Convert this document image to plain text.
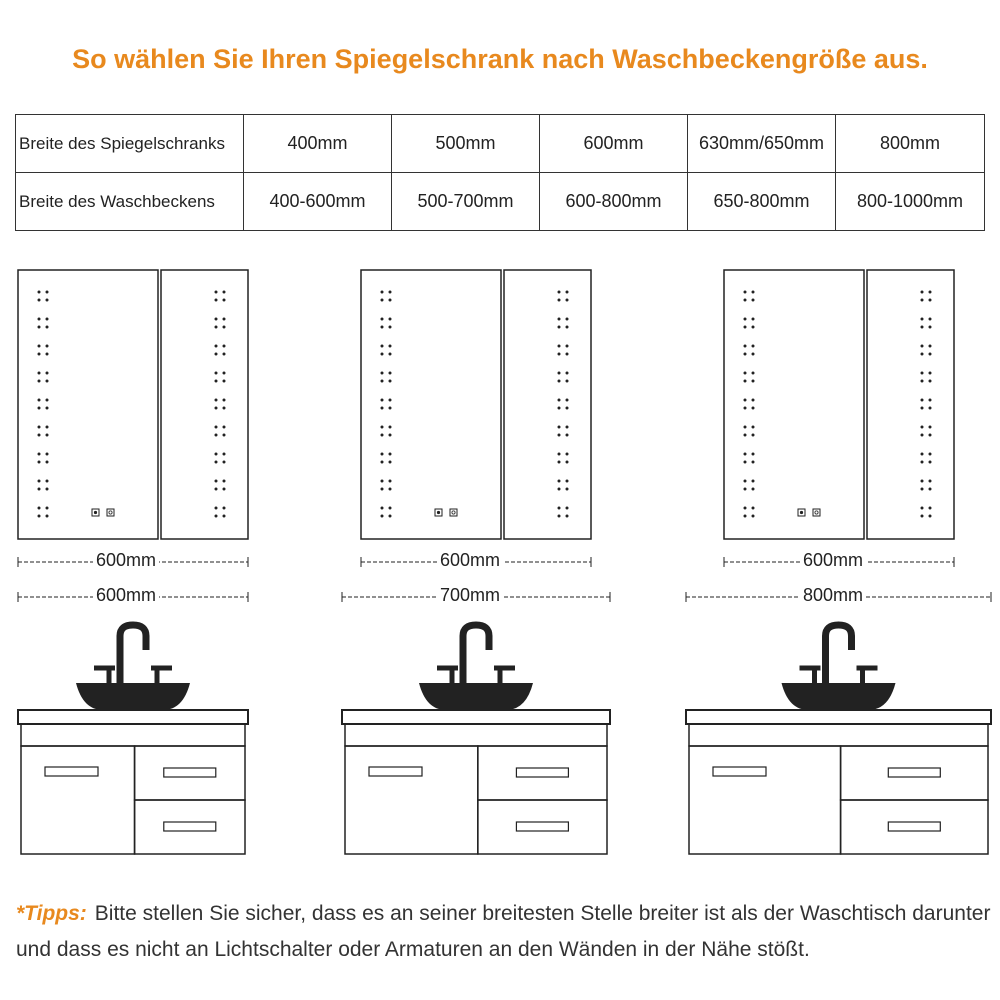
So wählen Sie Ihren Spiegelschrank nach Waschbeckengröße aus.
Breite des Spiegelschranks	400mm	500mm	600mm	630mm/650mm	800mm
Breite des Waschbeckens	400-600mm	500-700mm	600-800mm	650-800mm	800-1000mm
600mm
600mm
600mm
700mm
600mm
800mm
*Tipps: Bitte stellen Sie sicher, dass es an seiner breitesten Stelle breiter ist als der Waschtisch darunter und dass es nicht an Lichtschalter oder Armaturen an den Wänden in der Nähe stößt.
